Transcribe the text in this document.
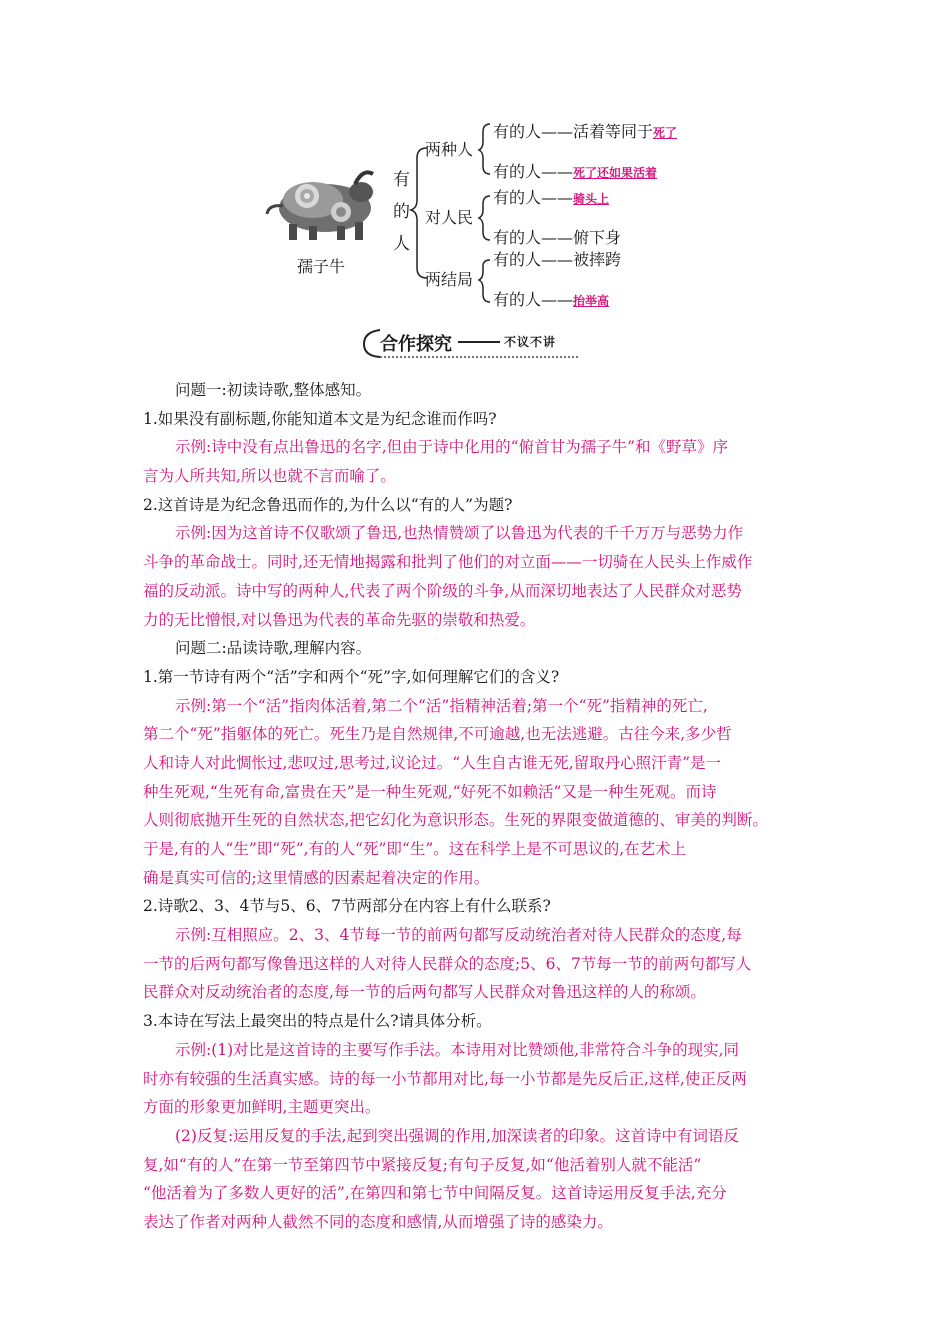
孺子牛
有
的
人
两种人
对人民
两结局
有的人——活着等同于死了
有的人——死了还如果活着
有的人——骑头上
有的人——俯下身
有的人——被摔跨
有的人——抬举高
合作探究	不议不讲
问题一:初读诗歌,整体感知。
1.如果没有副标题,你能知道本文是为纪念谁而作吗?
示例:诗中没有点出鲁迅的名字,但由于诗中化用的“俯首甘为孺子牛”和《野草》序
言为人所共知,所以也就不言而喻了。
2.这首诗是为纪念鲁迅而作的,为什么以“有的人”为题?
示例:因为这首诗不仅歌颂了鲁迅,也热情赞颂了以鲁迅为代表的千千万万与恶势力作
斗争的革命战士。同时,还无情地揭露和批判了他们的对立面——一切骑在人民头上作威作
福的反动派。诗中写的两种人,代表了两个阶级的斗争,从而深切地表达了人民群众对恶势
力的无比憎恨,对以鲁迅为代表的革命先驱的崇敬和热爱。
问题二:品读诗歌,理解内容。
1.第一节诗有两个“活”字和两个“死”字,如何理解它们的含义?
示例:第一个“活”指肉体活着,第二个“活”指精神活着;第一个“死”指精神的死亡,
第二个“死”指躯体的死亡。死生乃是自然规律,不可逾越,也无法逃避。古往今来,多少哲
人和诗人对此惆怅过,悲叹过,思考过,议论过。“人生自古谁无死,留取丹心照汗青”是一
种生死观,“生死有命,富贵在天”是一种生死观,“好死不如赖活”又是一种生死观。而诗
人则彻底抛开生死的自然状态,把它幻化为意识形态。生死的界限变做道德的、审美的判断。
于是,有的人“生”即“死”,有的人“死”即“生”。这在科学上是不可思议的,在艺术上
确是真实可信的;这里情感的因素起着决定的作用。
2.诗歌2、3、4节与5、6、7节两部分在内容上有什么联系?
示例:互相照应。2、3、4节每一节的前两句都写反动统治者对待人民群众的态度,每
一节的后两句都写像鲁迅这样的人对待人民群众的态度;5、6、7节每一节的前两句都写人
民群众对反动统治者的态度,每一节的后两句都写人民群众对鲁迅这样的人的称颂。
3.本诗在写法上最突出的特点是什么?请具体分析。
示例:(1)对比是这首诗的主要写作手法。本诗用对比赞颂他,非常符合斗争的现实,同
时亦有较强的生活真实感。诗的每一小节都用对比,每一小节都是先反后正,这样,使正反两
方面的形象更加鲜明,主题更突出。
(2)反复:运用反复的手法,起到突出强调的作用,加深读者的印象。这首诗中有词语反
复,如“有的人”在第一节至第四节中紧接反复;有句子反复,如“他活着别人就不能活”
“他活着为了多数人更好的活”,在第四和第七节中间隔反复。这首诗运用反复手法,充分
表达了作者对两种人截然不同的态度和感情,从而增强了诗的感染力。
